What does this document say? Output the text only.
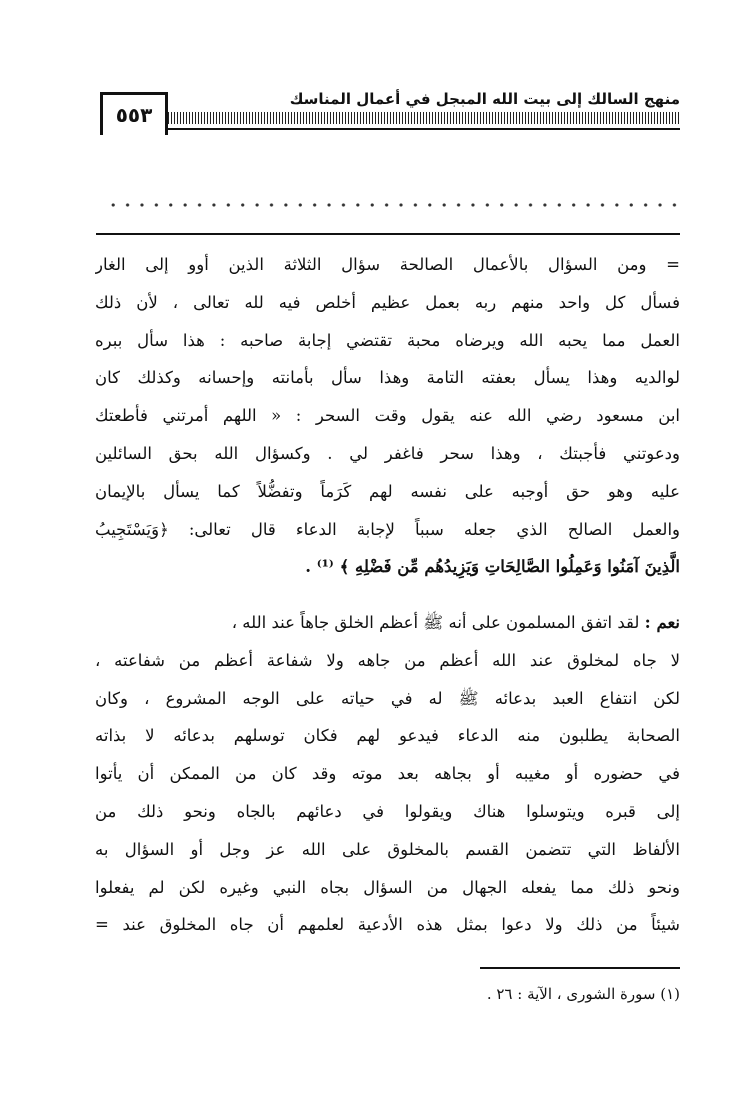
٥٥٣
منهج السالك إلى بيت الله المبجل في أعمال المناسك
= ومن السؤال بالأعمال الصالحة سؤال الثلاثة الذين أوو إلى الغار
فسأل كل واحد منهم ربه بعمل عظيم أخلص فيه لله تعالى ، لأن ذلك
العمل مما يحبه الله ويرضاه محبة تقتضي إجابة صاحبه : هذا سأل ببره
لوالديه وهذا يسأل بعفته التامة وهذا سأل بأمانته وإحسانه وكذلك كان
ابن مسعود رضي الله عنه يقول وقت السحر : « اللهم أمرتني فأطعتك
ودعوتني فأجبتك ، وهذا سحر فاغفر لي . وكسؤال الله بحق السائلين
عليه وهو حق أوجبه على نفسه لهم كَرَماً وتفضُّلاً كما يسأل بالإيمان
والعمل الصالح الذي جعله سبباً لإجابة الدعاء قال تعالى: ﴿وَيَسْتَجِيبُ
الَّذِينَ آمَنُوا وَعَمِلُوا الصَّالِحَاتِ وَيَزِيدُهُم مِّن فَضْلِهِ ﴾ ⁽¹⁾ .
نعم : لقد اتفق المسلمون على أنه ﷺ أعظم الخلق جاهاً عند الله ،
لا جاه لمخلوق عند الله أعظم من جاهه ولا شفاعة أعظم من شفاعته ،
لكن انتفاع العبد بدعائه ﷺ له في حياته على الوجه المشروع ، وكان
الصحابة يطلبون منه الدعاء فيدعو لهم فكان توسلهم بدعائه لا بذاته
في حضوره أو مغيبه أو بجاهه بعد موته وقد كان من الممكن أن يأتوا
إلى قبره ويتوسلوا هناك ويقولوا في دعائهم بالجاه ونحو ذلك من
الألفاظ التي تتضمن القسم بالمخلوق على الله عز وجل أو السؤال به
ونحو ذلك مما يفعله الجهال من السؤال بجاه النبي وغيره لكن لم يفعلوا
شيئاً من ذلك ولا دعوا بمثل هذه الأدعية لعلمهم أن جاه المخلوق عند =
(١) سورة الشورى ، الآية : ٢٦ .
